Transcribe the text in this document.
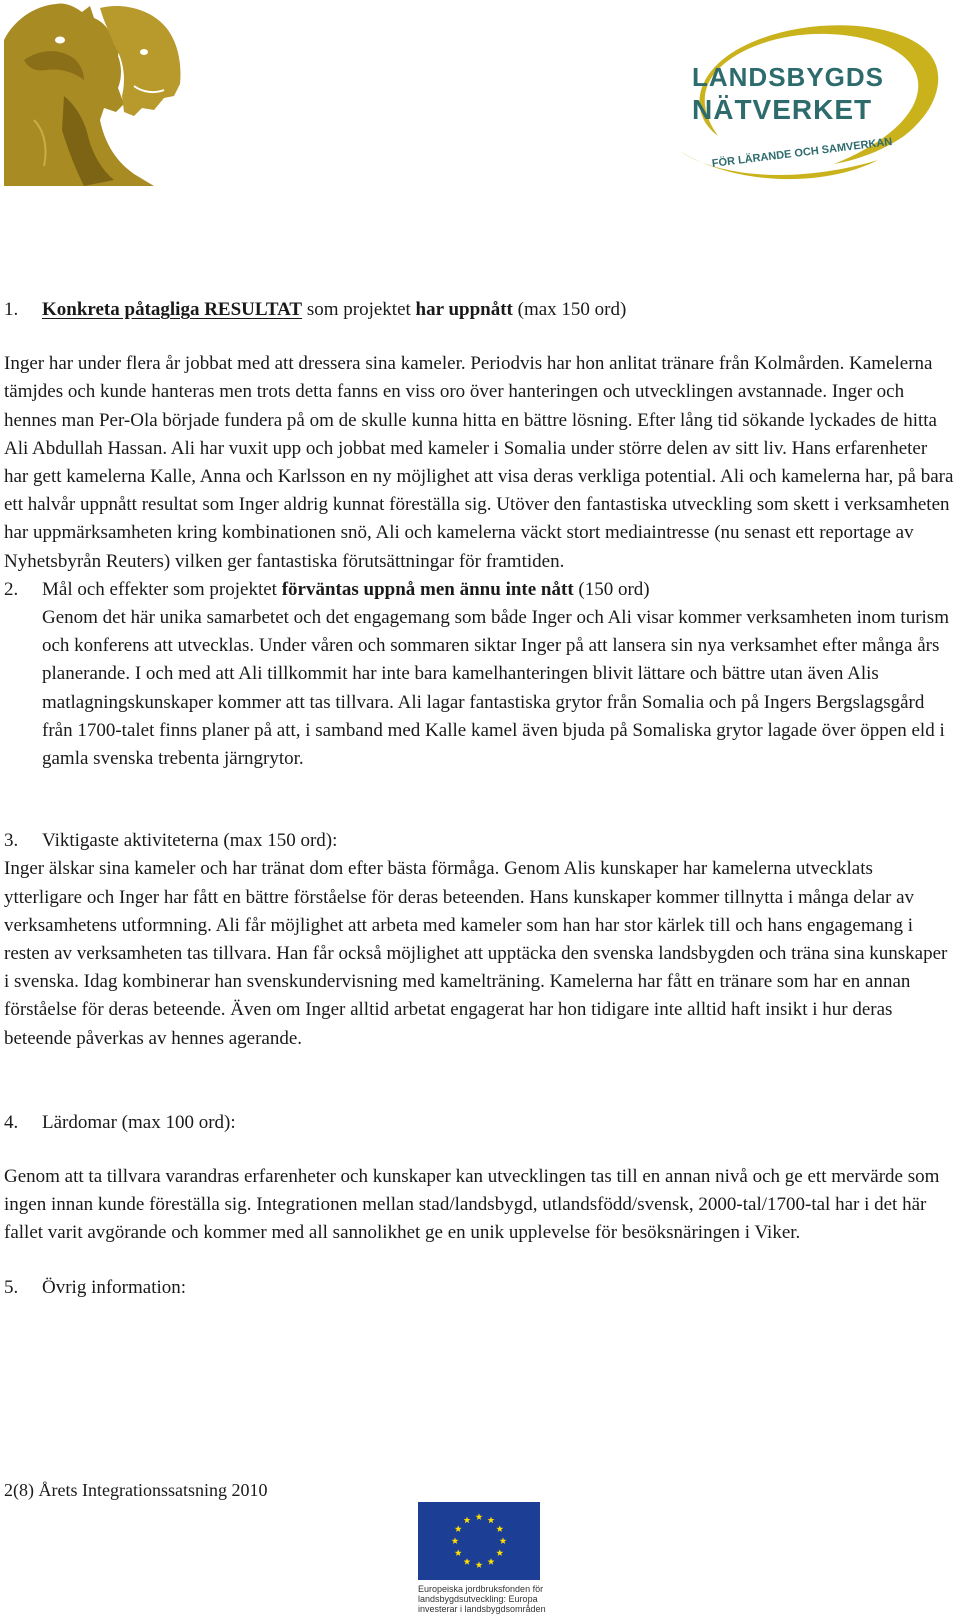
LANDSBYGDS
NÄTVERKET
FÖR LÄRANDE OCH SAMVERKAN

1. Konkreta påtagliga RESULTAT som projektet har uppnått (max 150 ord)

Inger har under flera år jobbat med att dressera sina kameler. Periodvis har hon anlitat tränare från Kolmården. Kamelerna tämjdes och kunde hanteras men trots detta fanns en viss oro över hanteringen och utvecklingen avstannade. Inger och hennes man Per-Ola började fundera på om de skulle kunna hitta en bättre lösning. Efter lång tid sökande lyckades de hitta Ali Abdullah Hassan. Ali har vuxit upp och jobbat med kameler i Somalia under större delen av sitt liv. Hans erfarenheter har gett kamelerna Kalle, Anna och Karlsson en ny möjlighet att visa deras verkliga potential. Ali och kamelerna har, på bara ett halvår uppnått resultat som Inger aldrig kunnat föreställa sig. Utöver den fantastiska utveckling som skett i verksamheten har uppmärksamheten kring kombinationen snö, Ali och kamelerna väckt stort mediaintresse (nu senast ett reportage av Nyhetsbyrån Reuters) vilken ger fantastiska förutsättningar för framtiden.

2. Mål och effekter som projektet förväntas uppnå men ännu inte nått (150 ord)

Genom det här unika samarbetet och det engagemang som både Inger och Ali visar kommer verksamheten inom turism och konferens att utvecklas. Under våren och sommaren siktar Inger på att lansera sin nya verksamhet efter många års planerande. I och med att Ali tillkommit har inte bara kamelhanteringen blivit lättare och bättre utan även Alis matlagningskunskaper kommer att tas tillvara. Ali lagar fantastiska grytor från Somalia och på Ingers Bergslagsgård från 1700-talet finns planer på att, i samband med Kalle kamel även bjuda på Somaliska grytor lagade över öppen eld i gamla svenska trebenta järngrytor.

3. Viktigaste aktiviteterna (max 150 ord):

Inger älskar sina kameler och har tränat dom efter bästa förmåga. Genom Alis kunskaper har kamelerna utvecklats ytterligare och Inger har fått en bättre förståelse för deras beteenden. Hans kunskaper kommer tillnytta i många delar av verksamhetens utformning. Ali får möjlighet att arbeta med kameler som han har stor kärlek till och hans engagemang i resten av verksamheten tas tillvara. Han får också möjlighet att upptäcka den svenska landsbygden och träna sina kunskaper i svenska. Idag kombinerar han svenskundervisning med kamelträning. Kamelerna har fått en tränare som har en annan förståelse för deras beteende. Även om Inger alltid arbetat engagerat har hon tidigare inte alltid haft insikt i hur deras beteende påverkas av hennes agerande.

4. Lärdomar (max 100 ord):

Genom att ta tillvara varandras erfarenheter och kunskaper kan utvecklingen tas till en annan nivå och ge ett mervärde som ingen innan kunde föreställa sig. Integrationen mellan stad/landsbygd, utlandsfödd/svensk, 2000-tal/1700-tal har i det här fallet varit avgörande och kommer med all sannolikhet ge en unik upplevelse för besöksnäringen i Viker.

5. Övrig information:

2(8) Årets Integrationssatsning 2010
Europeiska jordbruksfonden för
landsbygdsutveckling: Europa
investerar i landsbygdsområden
